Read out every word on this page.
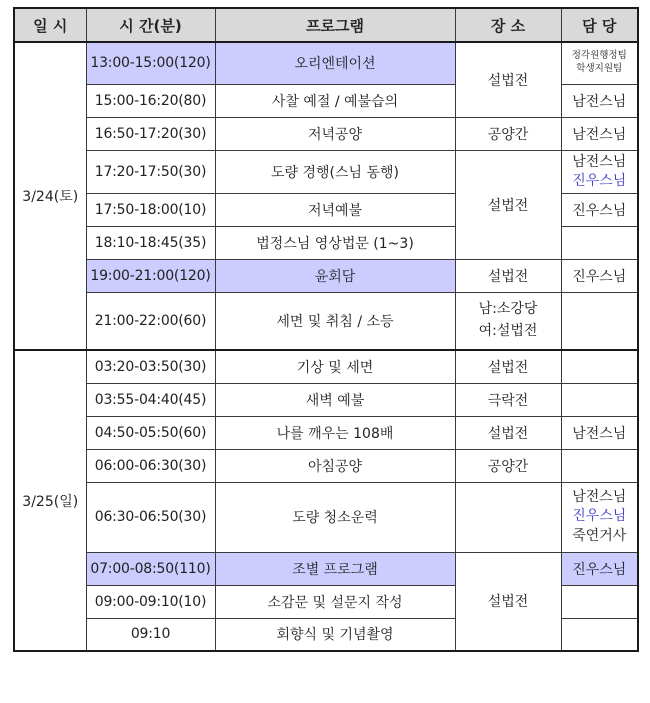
일 시	시 간(분)	프로그램	장 소	담 당
3/24(토)	13:00-15:00(120)	오리엔테이션	설법전	정각원행정팀
학생지원팀

	15:00-16:20(80)	사찰 예절 / 예불습의		남전스님
	16:50-17:20(30)	저녁공양	공양간	남전스님
	17:20-17:50(30)	도량 경행(스님 동행)	설법전	남전스님
진우스님

	17:50-18:00(10)	저녁예불		진우스님
	18:10-18:45(35)	법정스님 영상법문 (1~3)		
	19:00-21:00(120)	윤회담	설법전	진우스님
	21:00-22:00(60)	세면 및 취침 / 소등	남:소강당
여:설법전	

3/25(일)	03:20-03:50(30)	기상 및 세면	설법전	
	03:55-04:40(45)	새벽 예불	극락전	
	04:50-05:50(60)	나를 깨우는 108배	설법전	남전스님
	06:00-06:30(30)	아침공양	공양간	
	06:30-06:50(30)	도량 청소운력		남전스님
진우스님
죽연거사

	07:00-08:50(110)	조별 프로그램	설법전	진우스님
	09:00-09:10(10)	소감문 및 설문지 작성		
	09:10	회향식 및 기념촬영		
